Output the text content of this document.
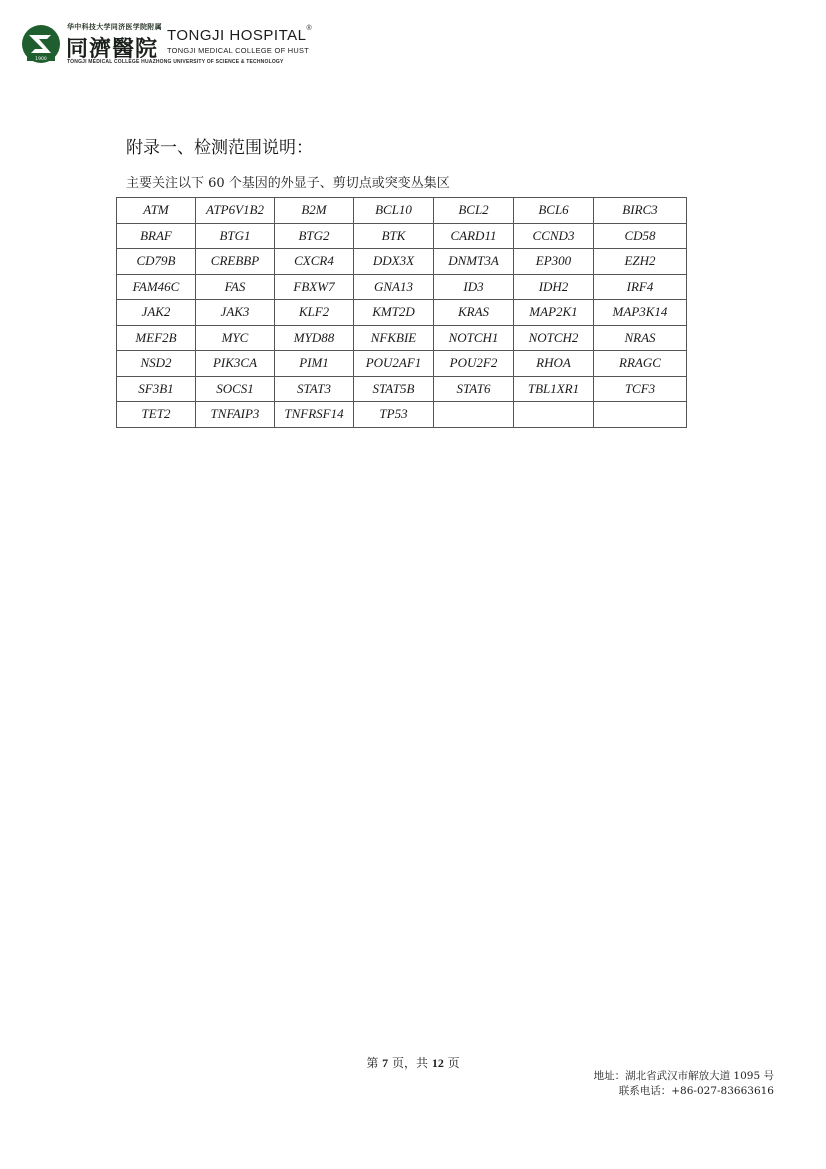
1900
华中科技大学同济医学院附属
同濟醫院
TONGJI HOSPITAL®
TONGJI MEDICAL COLLEGE OF HUST
TONGJI MEDICAL COLLEGE HUAZHONG UNIVERSITY OF SCIENCE & TECHNOLOGY
附录一、检测范围说明：
主要关注以下 60 个基因的外显子、剪切点或突变丛集区
ATM	ATP6V1B2	B2M	BCL10	BCL2	BCL6	BIRC3
BRAF	BTG1	BTG2	BTK	CARD11	CCND3	CD58
CD79B	CREBBP	CXCR4	DDX3X	DNMT3A	EP300	EZH2
FAM46C	FAS	FBXW7	GNA13	ID3	IDH2	IRF4
JAK2	JAK3	KLF2	KMT2D	KRAS	MAP2K1	MAP3K14
MEF2B	MYC	MYD88	NFKBIE	NOTCH1	NOTCH2	NRAS
NSD2	PIK3CA	PIM1	POU2AF1	POU2F2	RHOA	RRAGC
SF3B1	SOCS1	STAT3	STAT5B	STAT6	TBL1XR1	TCF3
TET2	TNFAIP3	TNFRSF14	TP53			
第 7 页，共 12 页
地址：湖北省武汉市解放大道 1095 号
联系电话：+86-027-83663616
